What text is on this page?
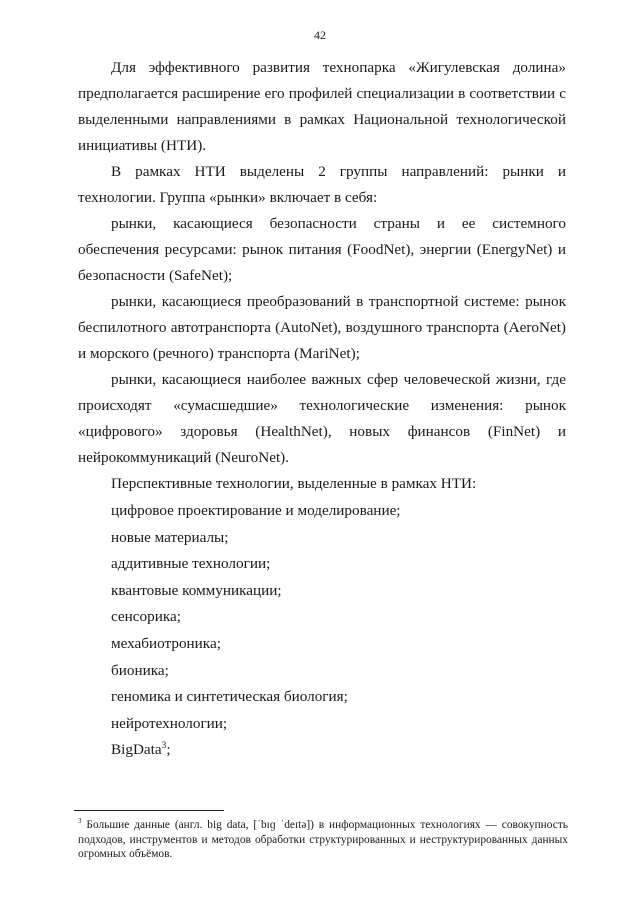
42

Для эффективного развития технопарка «Жигулевская долина» предполагается расширение его профилей специализации в соответствии с выделенными направлениями в рамках Национальной технологической инициативы (НТИ).

В рамках НТИ выделены 2 группы направлений: рынки и технологии. Группа «рынки» включает в себя:

рынки, касающиеся безопасности страны и ее системного обеспечения ресурсами: рынок питания (FoodNet), энергии (EnergyNet) и безопасности (SafeNet);

рынки, касающиеся преобразований в транспортной системе: рынок беспилотного автотранспорта (AutoNet), воздушного транспорта (AeroNet) и морского (речного) транспорта (MariNet);

рынки, касающиеся наиболее важных сфер человеческой жизни, где происходят «сумасшедшие» технологические изменения: рынок «цифрового» здоровья (HealthNet), новых финансов (FinNet) и нейрокоммуникаций (NeuroNet).

Перспективные технологии, выделенные в рамках НТИ:

цифровое проектирование и моделирование;

новые материалы;

аддитивные технологии;

квантовые коммуникации;

сенсорика;

мехабиотроника;

бионика;

геномика и синтетическая биология;

нейротехнологии;

BigData$^3$;

$^3$ Большие данные (англ. big data, [ˈbɪɡ ˈdeɪtə]) в информационных технологиях — совокупность подходов, инструментов и методов обработки структурированных и неструктурированных данных огромных объёмов.
